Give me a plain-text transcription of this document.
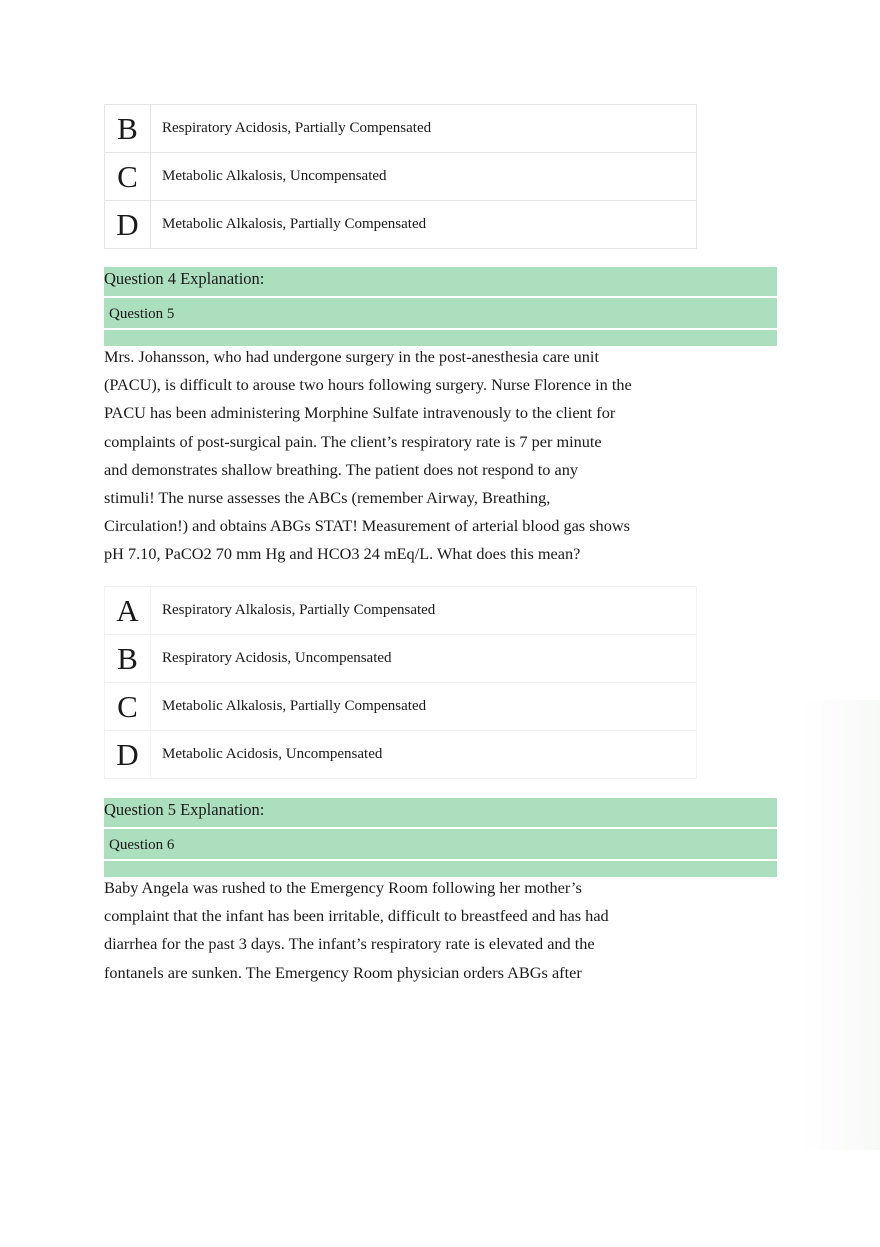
B	Respiratory Acidosis, Partially Compensated
C	Metabolic Alkalosis, Uncompensated
D	Metabolic Alkalosis, Partially Compensated
Question 4 Explanation:
Question 5
Mrs. Johansson, who had undergone surgery in the post-anesthesia care unit
(PACU), is difficult to arouse two hours following surgery. Nurse Florence in the
PACU has been administering Morphine Sulfate intravenously to the client for
complaints of post-surgical pain. The client’s respiratory rate is 7 per minute
and demonstrates shallow breathing. The patient does not respond to any
stimuli! The nurse assesses the ABCs (remember Airway, Breathing,
Circulation!) and obtains ABGs STAT! Measurement of arterial blood gas shows
pH 7.10, PaCO2 70 mm Hg and HCO3 24 mEq/L. What does this mean?
A	Respiratory Alkalosis, Partially Compensated
B	Respiratory Acidosis, Uncompensated
C	Metabolic Alkalosis, Partially Compensated
D	Metabolic Acidosis, Uncompensated
Question 5 Explanation:
Question 6
Baby Angela was rushed to the Emergency Room following her mother’s
complaint that the infant has been irritable, difficult to breastfeed and has had
diarrhea for the past 3 days. The infant’s respiratory rate is elevated and the
fontanels are sunken. The Emergency Room physician orders ABGs after
